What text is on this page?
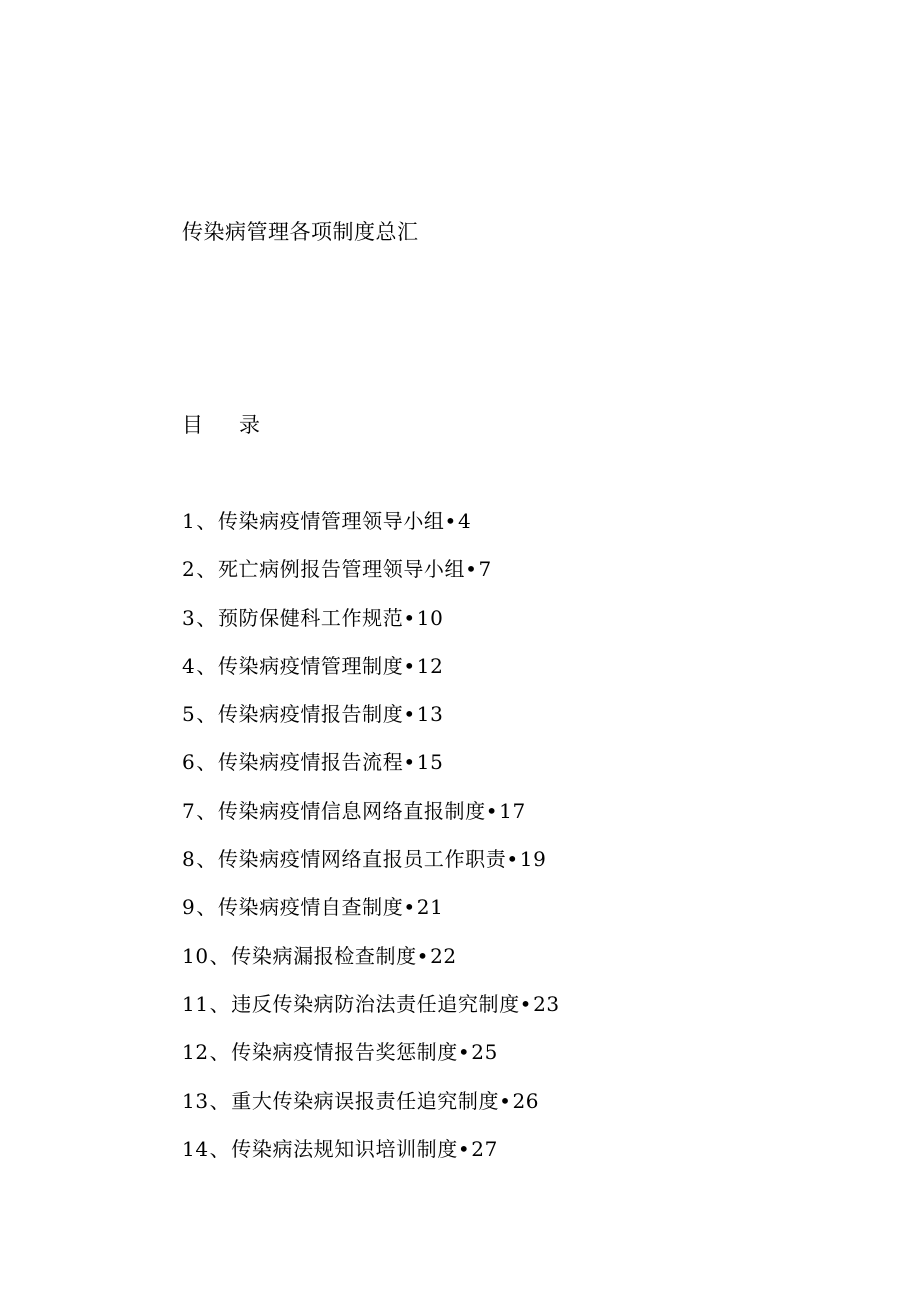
传染病管理各项制度总汇
目 录
1、传染病疫情管理领导小组•4
2、死亡病例报告管理领导小组•7
3、预防保健科工作规范•10
4、传染病疫情管理制度•12
5、传染病疫情报告制度•13
6、传染病疫情报告流程•15
7、传染病疫情信息网络直报制度•17
8、传染病疫情网络直报员工作职责•19
9、传染病疫情自查制度•21
10、传染病漏报检查制度•22
11、违反传染病防治法责任追究制度•23
12、传染病疫情报告奖惩制度•25
13、重大传染病误报责任追究制度•26
14、传染病法规知识培训制度•27
